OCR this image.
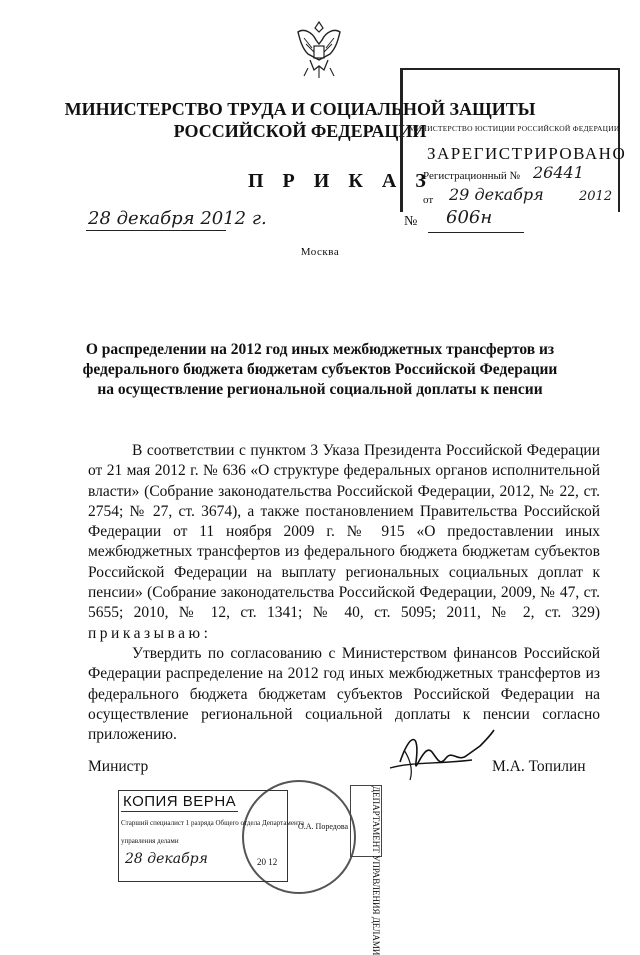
МИНИСТЕРСТВО ТРУДА И СОЦИАЛЬНОЙ ЗАЩИТЫ
РОССИЙСКОЙ ФЕДЕРАЦИИ
МИНИСТЕРСТВО ЮСТИЦИИ РОССИЙСКОЙ ФЕДЕРАЦИИ
ЗАРЕГИСТРИРОВАНО
Регистрационный № 26441
от 29 декабря	2012
П Р И К А З
28 декабря 2012 г.	№ 606н
Москва
О распределении на 2012 год иных межбюджетных трансфертов из федерального бюджета бюджетам субъектов Российской Федерации на осуществление региональной социальной доплаты к пенсии

В соответствии с пунктом 3 Указа Президента Российской Федерации от 21 мая 2012 г. № 636 «О структуре федеральных органов исполнительной власти» (Собрание законодательства Российской Федерации, 2012, № 22, ст. 2754; № 27, ст. 3674), а также постановлением Правительства Российской Федерации от 11 ноября 2009 г. № 915 «О предоставлении иных межбюджетных трансфертов из федерального бюджета бюджетам субъектов Российской Федерации на выплату региональных социальных доплат к пенсии» (Собрание законодательства Российской Федерации, 2009, № 47, ст. 5655; 2010, № 12, ст. 1341; № 40, ст. 5095; 2011, № 2, ст. 329) приказываю:

Утвердить по согласованию с Министерством финансов Российской Федерации распределение на 2012 год иных межбюджетных трансфертов из федерального бюджета бюджетам субъектов Российской Федерации на осуществление региональной социальной доплаты к пенсии согласно приложению.

Министр	М.А. Топилин
О.А. Поредова	ДЕПАРТАМЕНТ УПРАВЛЕНИЯ ДЕЛАМИ
КОПИЯ ВЕРНА
Старший специалист 1 разряда Общего отдела Департамента
управления делами
28 декабря	20 12
